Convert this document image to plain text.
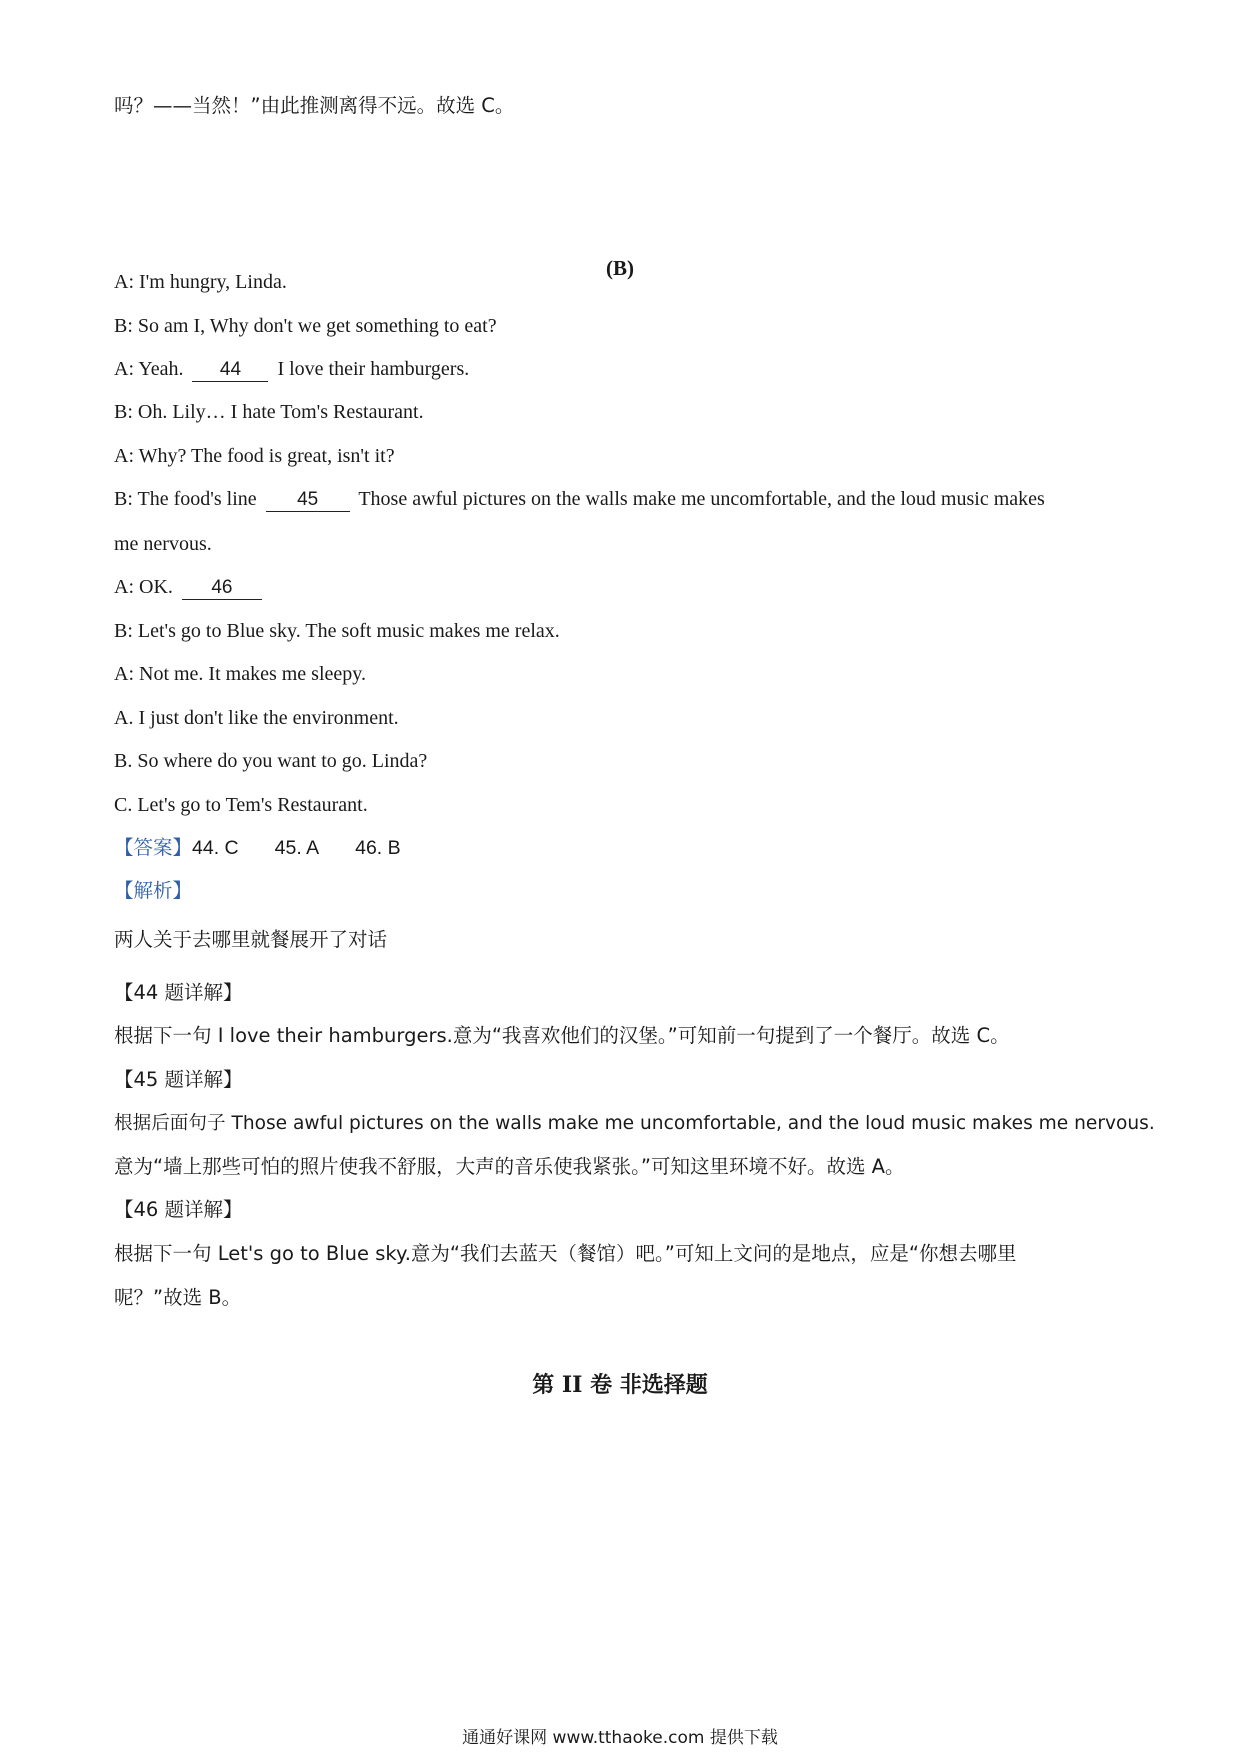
吗？——当然！”由此推测离得不远。故选 C。
(B)
A: I'm hungry, Linda.
B: So am I, Why don't we get something to eat?
A: Yeah. 44 I love their hamburgers.
B: Oh. Lily… I hate Tom's Restaurant.
A: Why? The food is great, isn't it?
B: The food's line 45 Those awful pictures on the walls make me uncomfortable, and the loud music makes
me nervous.
A: OK. 46
B: Let's go to Blue sky. The soft music makes me relax.
A: Not me. It makes me sleepy.
A. I just don't like the environment.
B. So where do you want to go. Linda?
C. Let's go to Tem's Restaurant.
【答案】44. C 45. A 46. B
【解析】
两人关于去哪里就餐展开了对话
【44 题详解】
根据下一句 I love their hamburgers.意为“我喜欢他们的汉堡。”可知前一句提到了一个餐厅。故选 C。
【45 题详解】
根据后面句子 Those awful pictures on the walls make me uncomfortable, and the loud music makes me nervous.
意为“墙上那些可怕的照片使我不舒服，大声的音乐使我紧张。”可知这里环境不好。故选 A。
【46 题详解】
根据下一句 Let's go to Blue sky.意为“我们去蓝天（餐馆）吧。”可知上文问的是地点，应是“你想去哪里
呢？”故选 B。
第 II 卷 非选择题
通通好课网 www.tthaoke.com 提供下载
